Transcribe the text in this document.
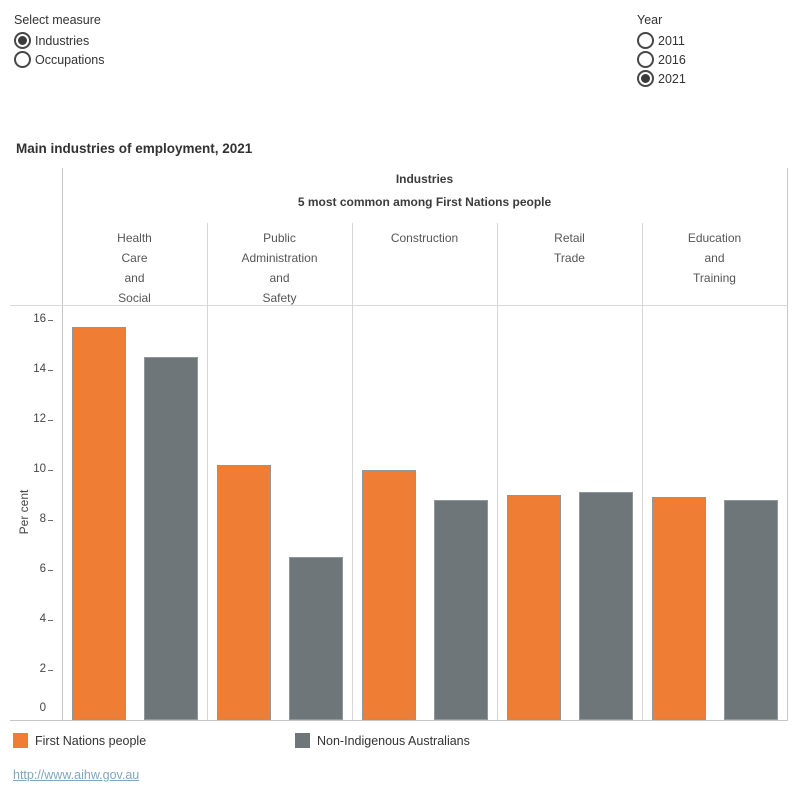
Select measure
Industries
Occupations
Year
2011
2016
2021
Main industries of employment, 2021
Industries
5 most common among First Nations people
Health
Care
and
Social
Public
Administration
and
Safety
Construction	Retail
Trade
Education
and
Training
0
2
4
6
8
10
12
14
16
Per cent
First Nations people	Non-Indigenous Australians
http://www.aihw.gov.au
